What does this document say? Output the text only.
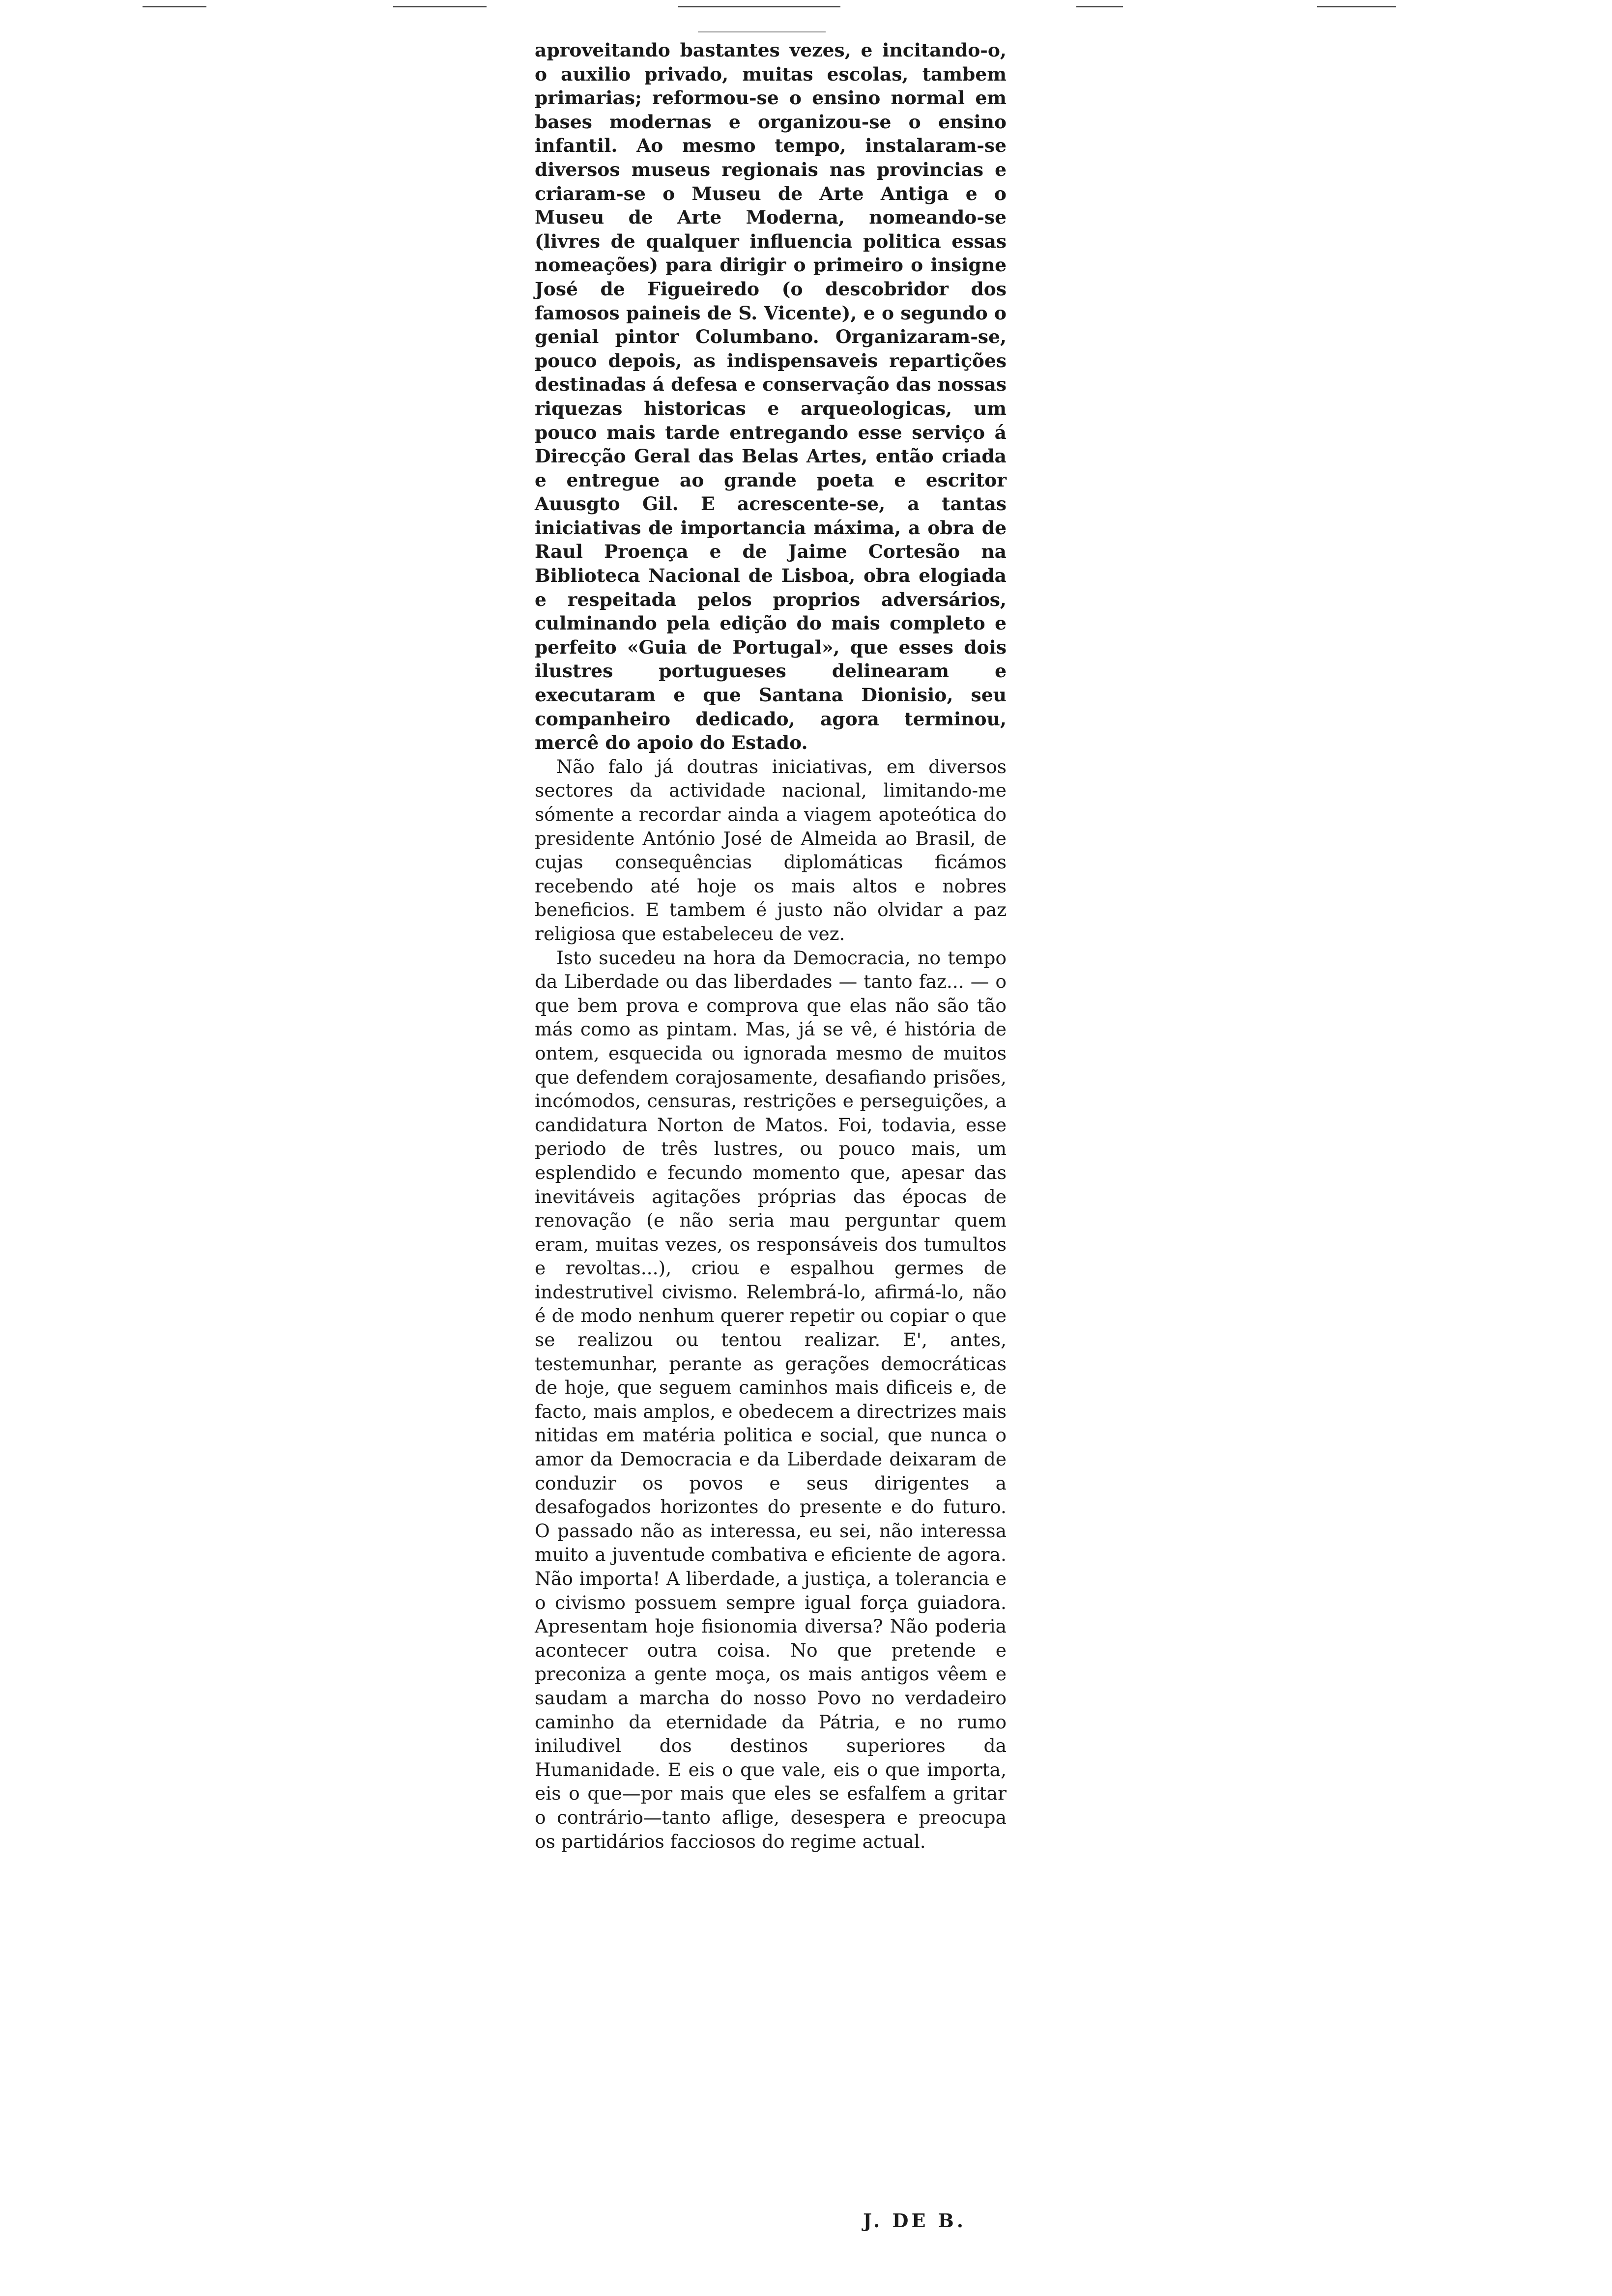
aproveitando bastantes vezes, e incitando-o, o auxilio privado, muitas escolas, tambem primarias; reformou-se o ensino normal em bases modernas e organizou-se o ensino infantil. Ao mesmo tempo, instalaram-se diversos museus regionais nas provincias e criaram-se o Museu de Arte Antiga e o Museu de Arte Moderna, nomeando-se (livres de qualquer influencia politica essas nomeações) para dirigir o primeiro o insigne José de Figueiredo (o descobridor dos famosos paineis de S. Vicente), e o segundo o genial pintor Columbano. Organizaram-se, pouco depois, as indispensaveis repartições destinadas á defesa e conservação das nossas riquezas historicas e arqueologicas, um pouco mais tarde entregando esse serviço á Direcção Geral das Belas Artes, então criada e entregue ao grande poeta e escritor Auusgto Gil. E acrescente-se, a tantas iniciativas de importancia máxima, a obra de Raul Proença e de Jaime Cortesão na Biblioteca Nacional de Lisboa, obra elogiada e respeitada pelos proprios adversários, culminando pela edição do mais completo e perfeito «Guia de Portugal», que esses dois ilustres portugueses delinearam e executaram e que Santana Dionisio, seu companheiro dedicado, agora terminou, mercê do apoio do Estado.

Não falo já doutras iniciativas, em diversos sectores da actividade nacional, limitando-me sómente a recordar ainda a viagem apoteótica do presidente António José de Almeida ao Brasil, de cujas consequências diplomáticas ficámos recebendo até hoje os mais altos e nobres beneficios. E tambem é justo não olvidar a paz religiosa que estabeleceu de vez.

Isto sucedeu na hora da Democracia, no tempo da Liberdade ou das liberdades — tanto faz... — o que bem prova e comprova que elas não são tão más como as pintam. Mas, já se vê, é história de ontem, esquecida ou ignorada mesmo de muitos que defendem corajosamente, desafiando prisões, incómodos, censuras, restrições e perseguições, a candidatura Norton de Matos. Foi, todavia, esse periodo de três lustres, ou pouco mais, um esplendido e fecundo momento que, apesar das inevitáveis agitações próprias das épocas de renovação (e não seria mau perguntar quem eram, muitas vezes, os responsáveis dos tumultos e revoltas...), criou e espalhou germes de indestrutivel civismo. Relembrá-lo, afirmá-lo, não é de modo nenhum querer repetir ou copiar o que se realizou ou tentou realizar. E', antes, testemunhar, perante as gerações democráticas de hoje, que seguem caminhos mais dificeis e, de facto, mais amplos, e obedecem a directrizes mais nitidas em matéria politica e social, que nunca o amor da Democracia e da Liberdade deixaram de conduzir os povos e seus dirigentes a desafogados horizontes do presente e do futuro. O passado não as interessa, eu sei, não interessa muito a juventude combativa e eficiente de agora. Não importa! A liberdade, a justiça, a tolerancia e o civismo possuem sempre igual força guiadora. Apresentam hoje fisionomia diversa? Não poderia acontecer outra coisa. No que pretende e preconiza a gente moça, os mais antigos vêem e saudam a marcha do nosso Povo no verdadeiro caminho da eternidade da Pátria, e no rumo iniludivel dos destinos superiores da Humanidade. E eis o que vale, eis o que importa, eis o que—por mais que eles se esfalfem a gritar o contrário—tanto aflige, desespera e preocupa os partidários facciosos do regime actual.

J. DE B.
